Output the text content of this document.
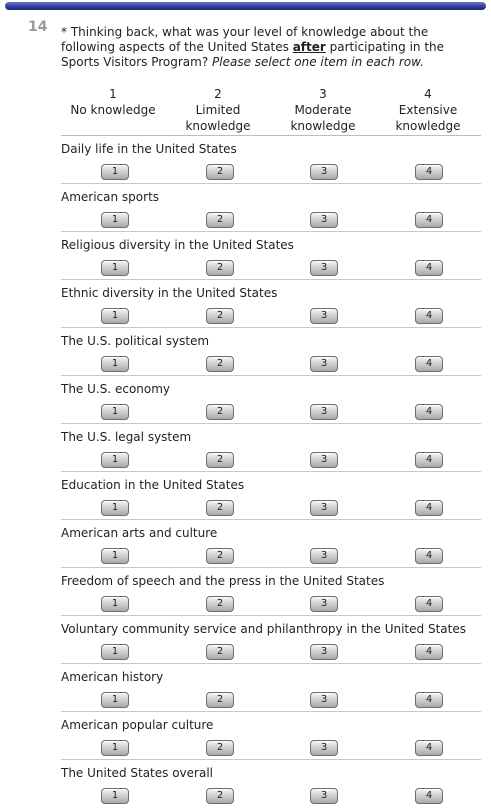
14 * Thinking back, what was your level of knowledge about the following aspects of the United States after participating in the Sports Visitors Program? Please select one item in each row.
1
No knowledge
2
Limited knowledge
3
Moderate knowledge
4
Extensive knowledge
Daily life in the United States
1	2	3	4
American sports
1	2	3	4
Religious diversity in the United States
1	2	3	4
Ethnic diversity in the United States
1	2	3	4
The U.S. political system
1	2	3	4
The U.S. economy
1	2	3	4
The U.S. legal system
1	2	3	4
Education in the United States
1	2	3	4
American arts and culture
1	2	3	4
Freedom of speech and the press in the United States
1	2	3	4
Voluntary community service and philanthropy in the United States
1	2	3	4
American history
1	2	3	4
American popular culture
1	2	3	4
The United States overall
1	2	3	4
